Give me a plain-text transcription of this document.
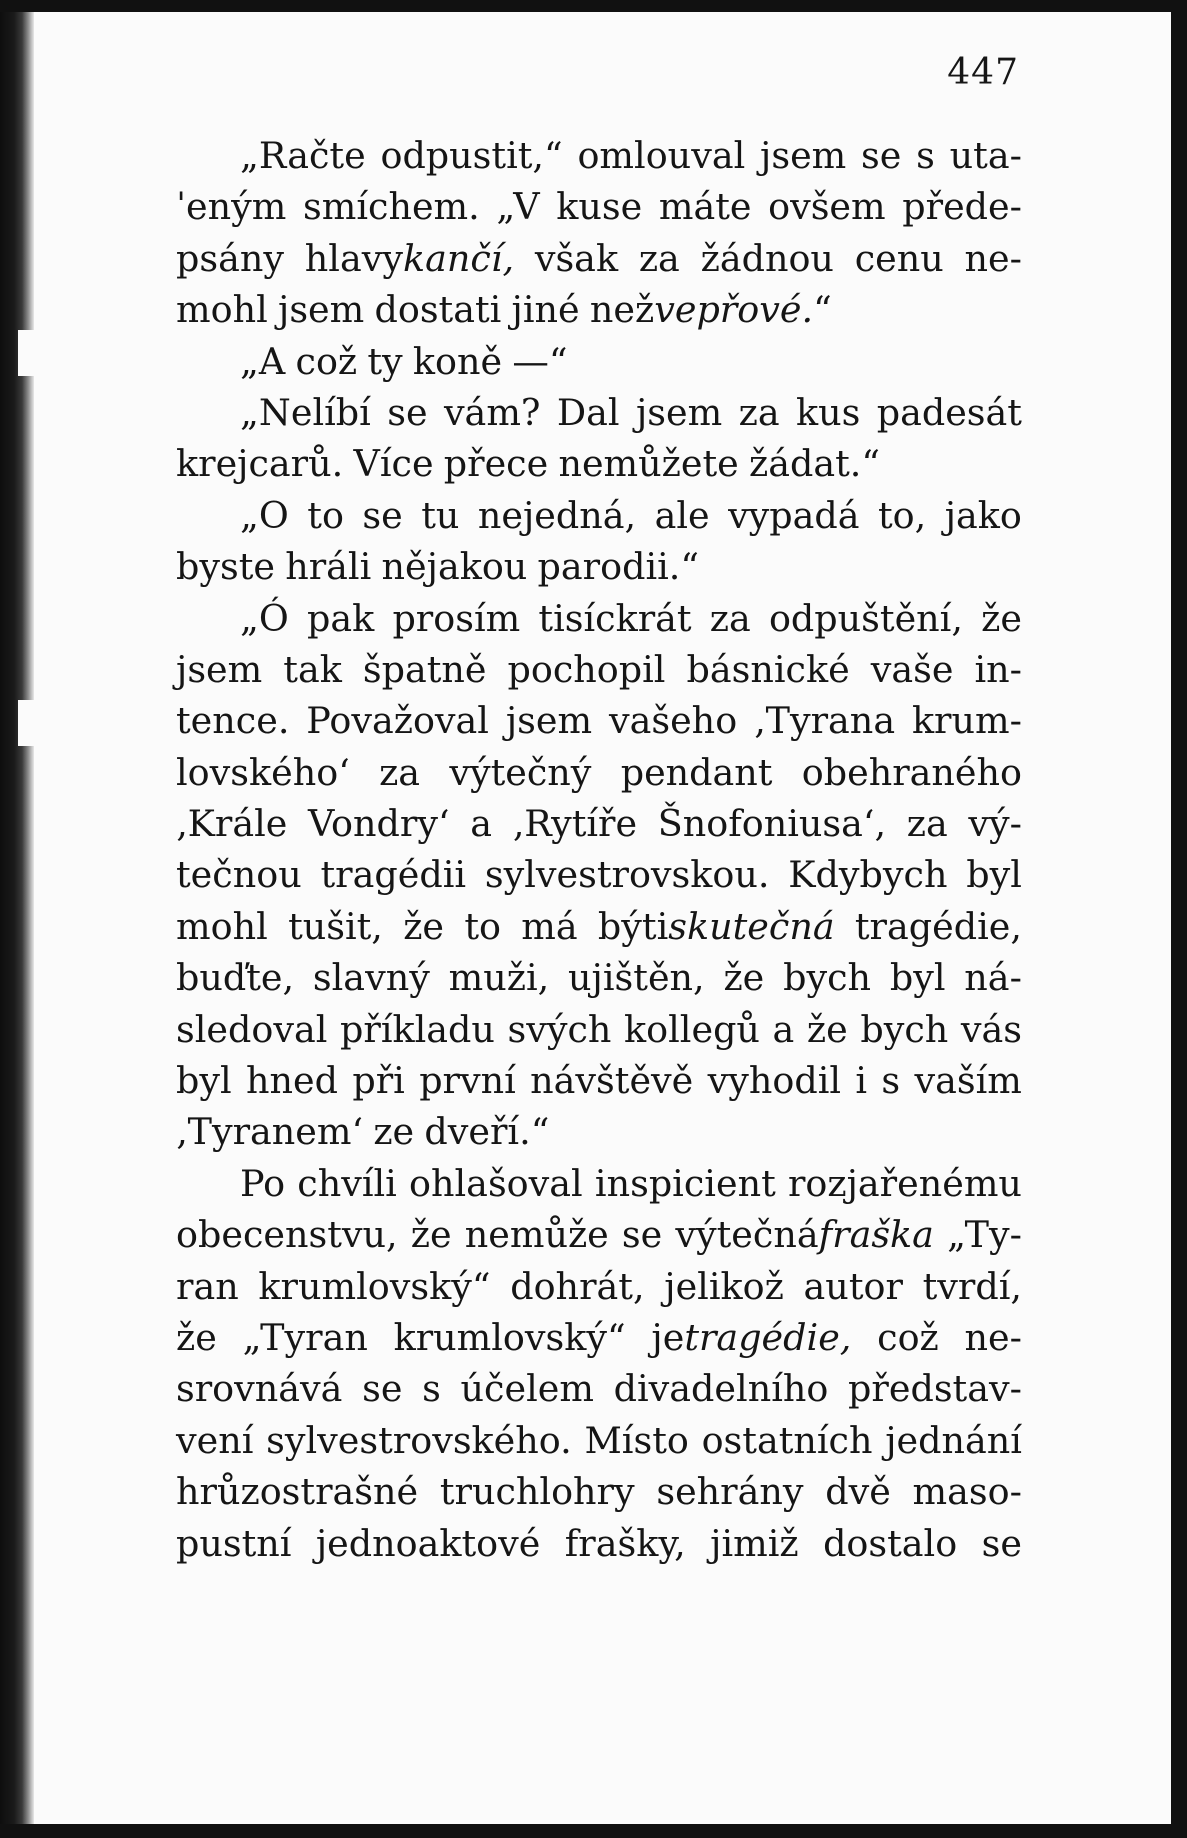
447
„Račte odpustit,“ omlouval jsem se s uta-
ˈeným smíchem. „V kuse máte ovšem přede-
psány hlavykančí, však za žádnou cenu ne-
mohl jsem dostati jiné nežvepřové.“
„A což ty koně —“
„Nelíbí se vám? Dal jsem za kus padesát
krejcarů. Více přece nemůžete žádat.“
„O to se tu nejedná, ale vypadá to, jako
byste hráli nějakou parodii.“
„Ó pak prosím tisíckrát za odpuštění, že
jsem tak špatně pochopil básnické vaše in-
tence. Považoval jsem vašeho ‚Tyrana krum-
lovského‘ za výtečný pendant obehraného
‚Krále Vondry‘ a ‚Rytíře Šnofoniusa‘, za vý-
tečnou tragédii sylvestrovskou. Kdybych byl
mohl tušit, že to má býtiskutečná tragédie,
buďte, slavný muži, ujištěn, že bych byl ná-
sledoval příkladu svých kollegů a že bych vás
byl hned při první návštěvě vyhodil i s vaším
‚Tyranem‘ ze dveří.“
Po chvíli ohlašoval inspicient rozjařenému
obecenstvu, že nemůže se výtečnáfraška „Ty-
ran krumlovský“ dohrát, jelikož autor tvrdí,
že „Tyran krumlovský“ jetragédie, což ne-
srovnává se s účelem divadelního představ-
vení sylvestrovského. Místo ostatních jednání
hrůzostrašné truchlohry sehrány dvě maso-
pustní jednoaktové frašky, jimiž dostalo se
